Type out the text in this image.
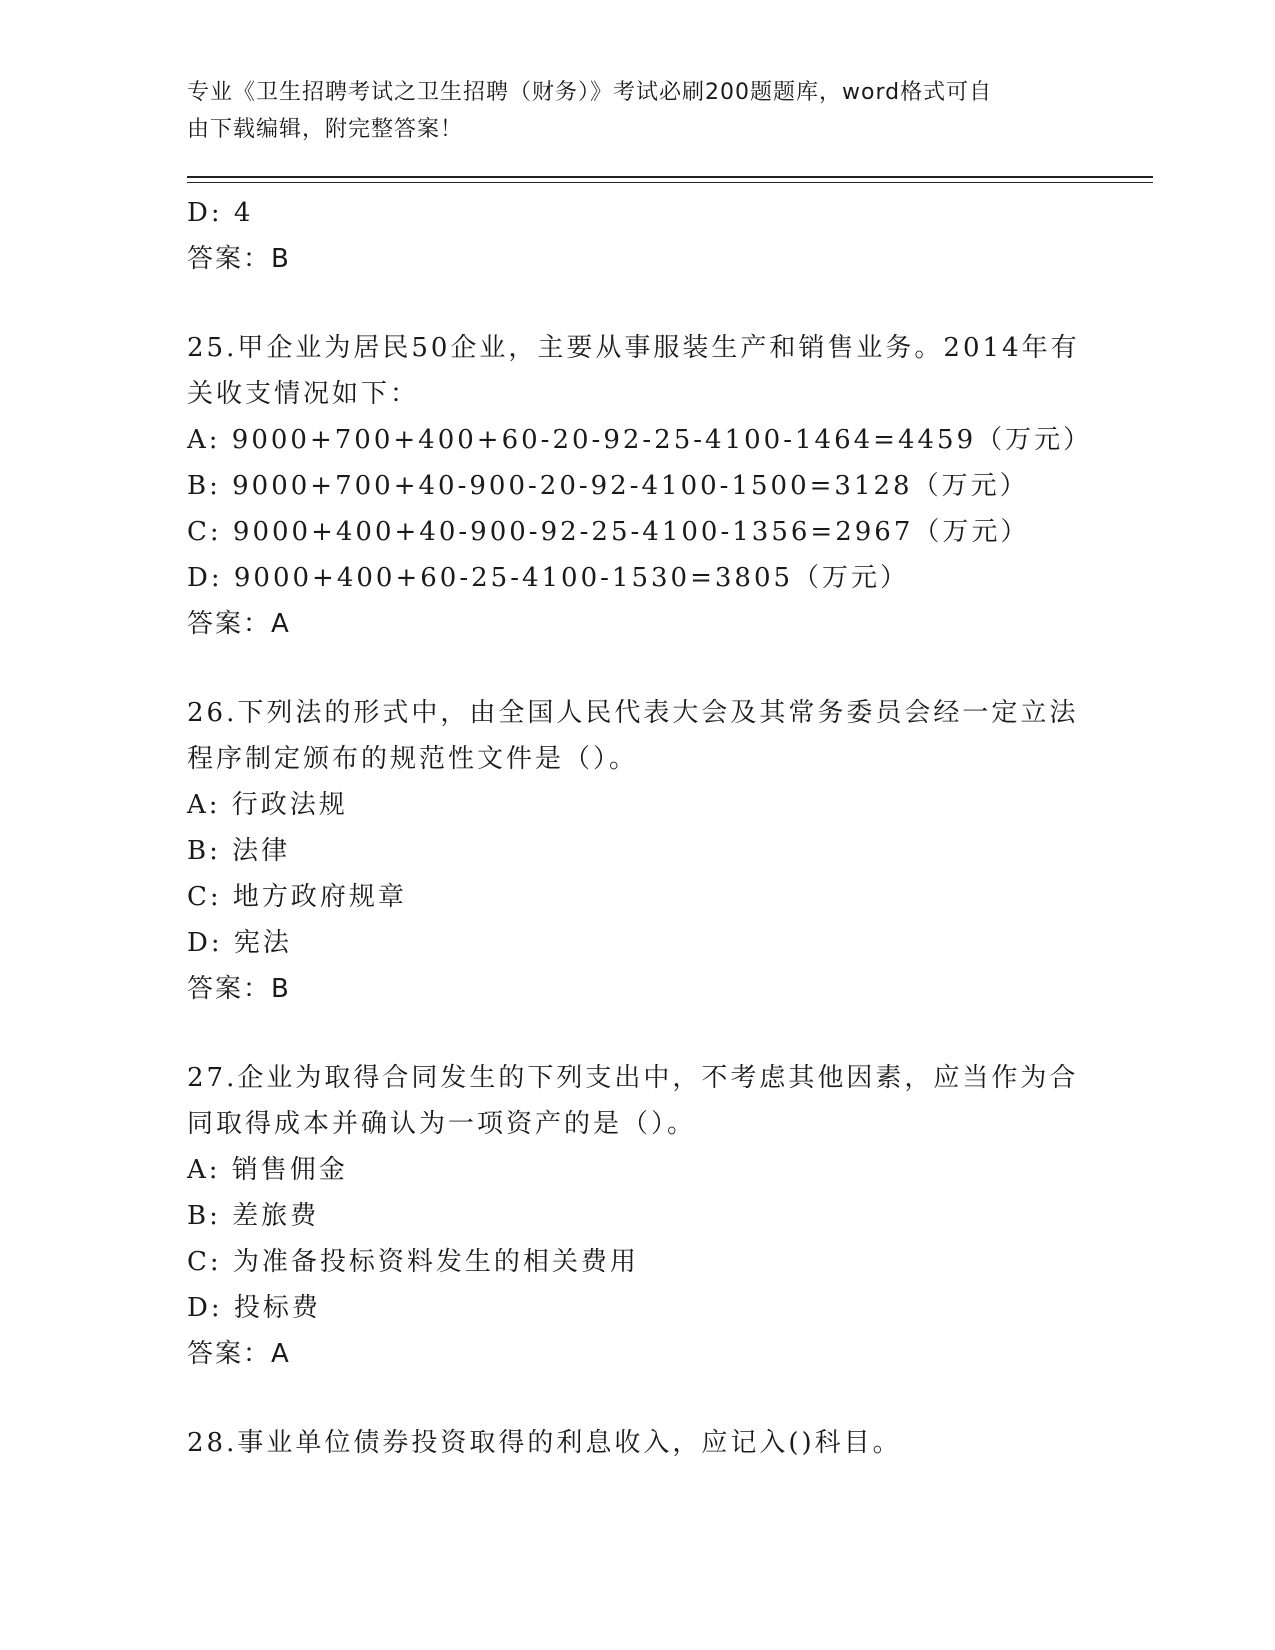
专业《卫生招聘考试之卫生招聘（财务）》考试必刷200题题库，word格式可自
由下载编辑，附完整答案！
D: 4
答案：B
25.甲企业为居民50企业，主要从事服装生产和销售业务。2014年有
关收支情况如下：
A: 9000+700+400+60-20-92-25-4100-1464=4459（万元）
B: 9000+700+40-900-20-92-4100-1500=3128（万元）
C: 9000+400+40-900-92-25-4100-1356=2967（万元）
D: 9000+400+60-25-4100-1530=3805（万元）
答案：A
26.下列法的形式中，由全国人民代表大会及其常务委员会经一定立法
程序制定颁布的规范性文件是（）。
A: 行政法规
B: 法律
C: 地方政府规章
D: 宪法
答案：B
27.企业为取得合同发生的下列支出中，不考虑其他因素，应当作为合
同取得成本并确认为一项资产的是（）。
A: 销售佣金
B: 差旅费
C: 为准备投标资料发生的相关费用
D: 投标费
答案：A
28.事业单位债券投资取得的利息收入，应记入()科目。
